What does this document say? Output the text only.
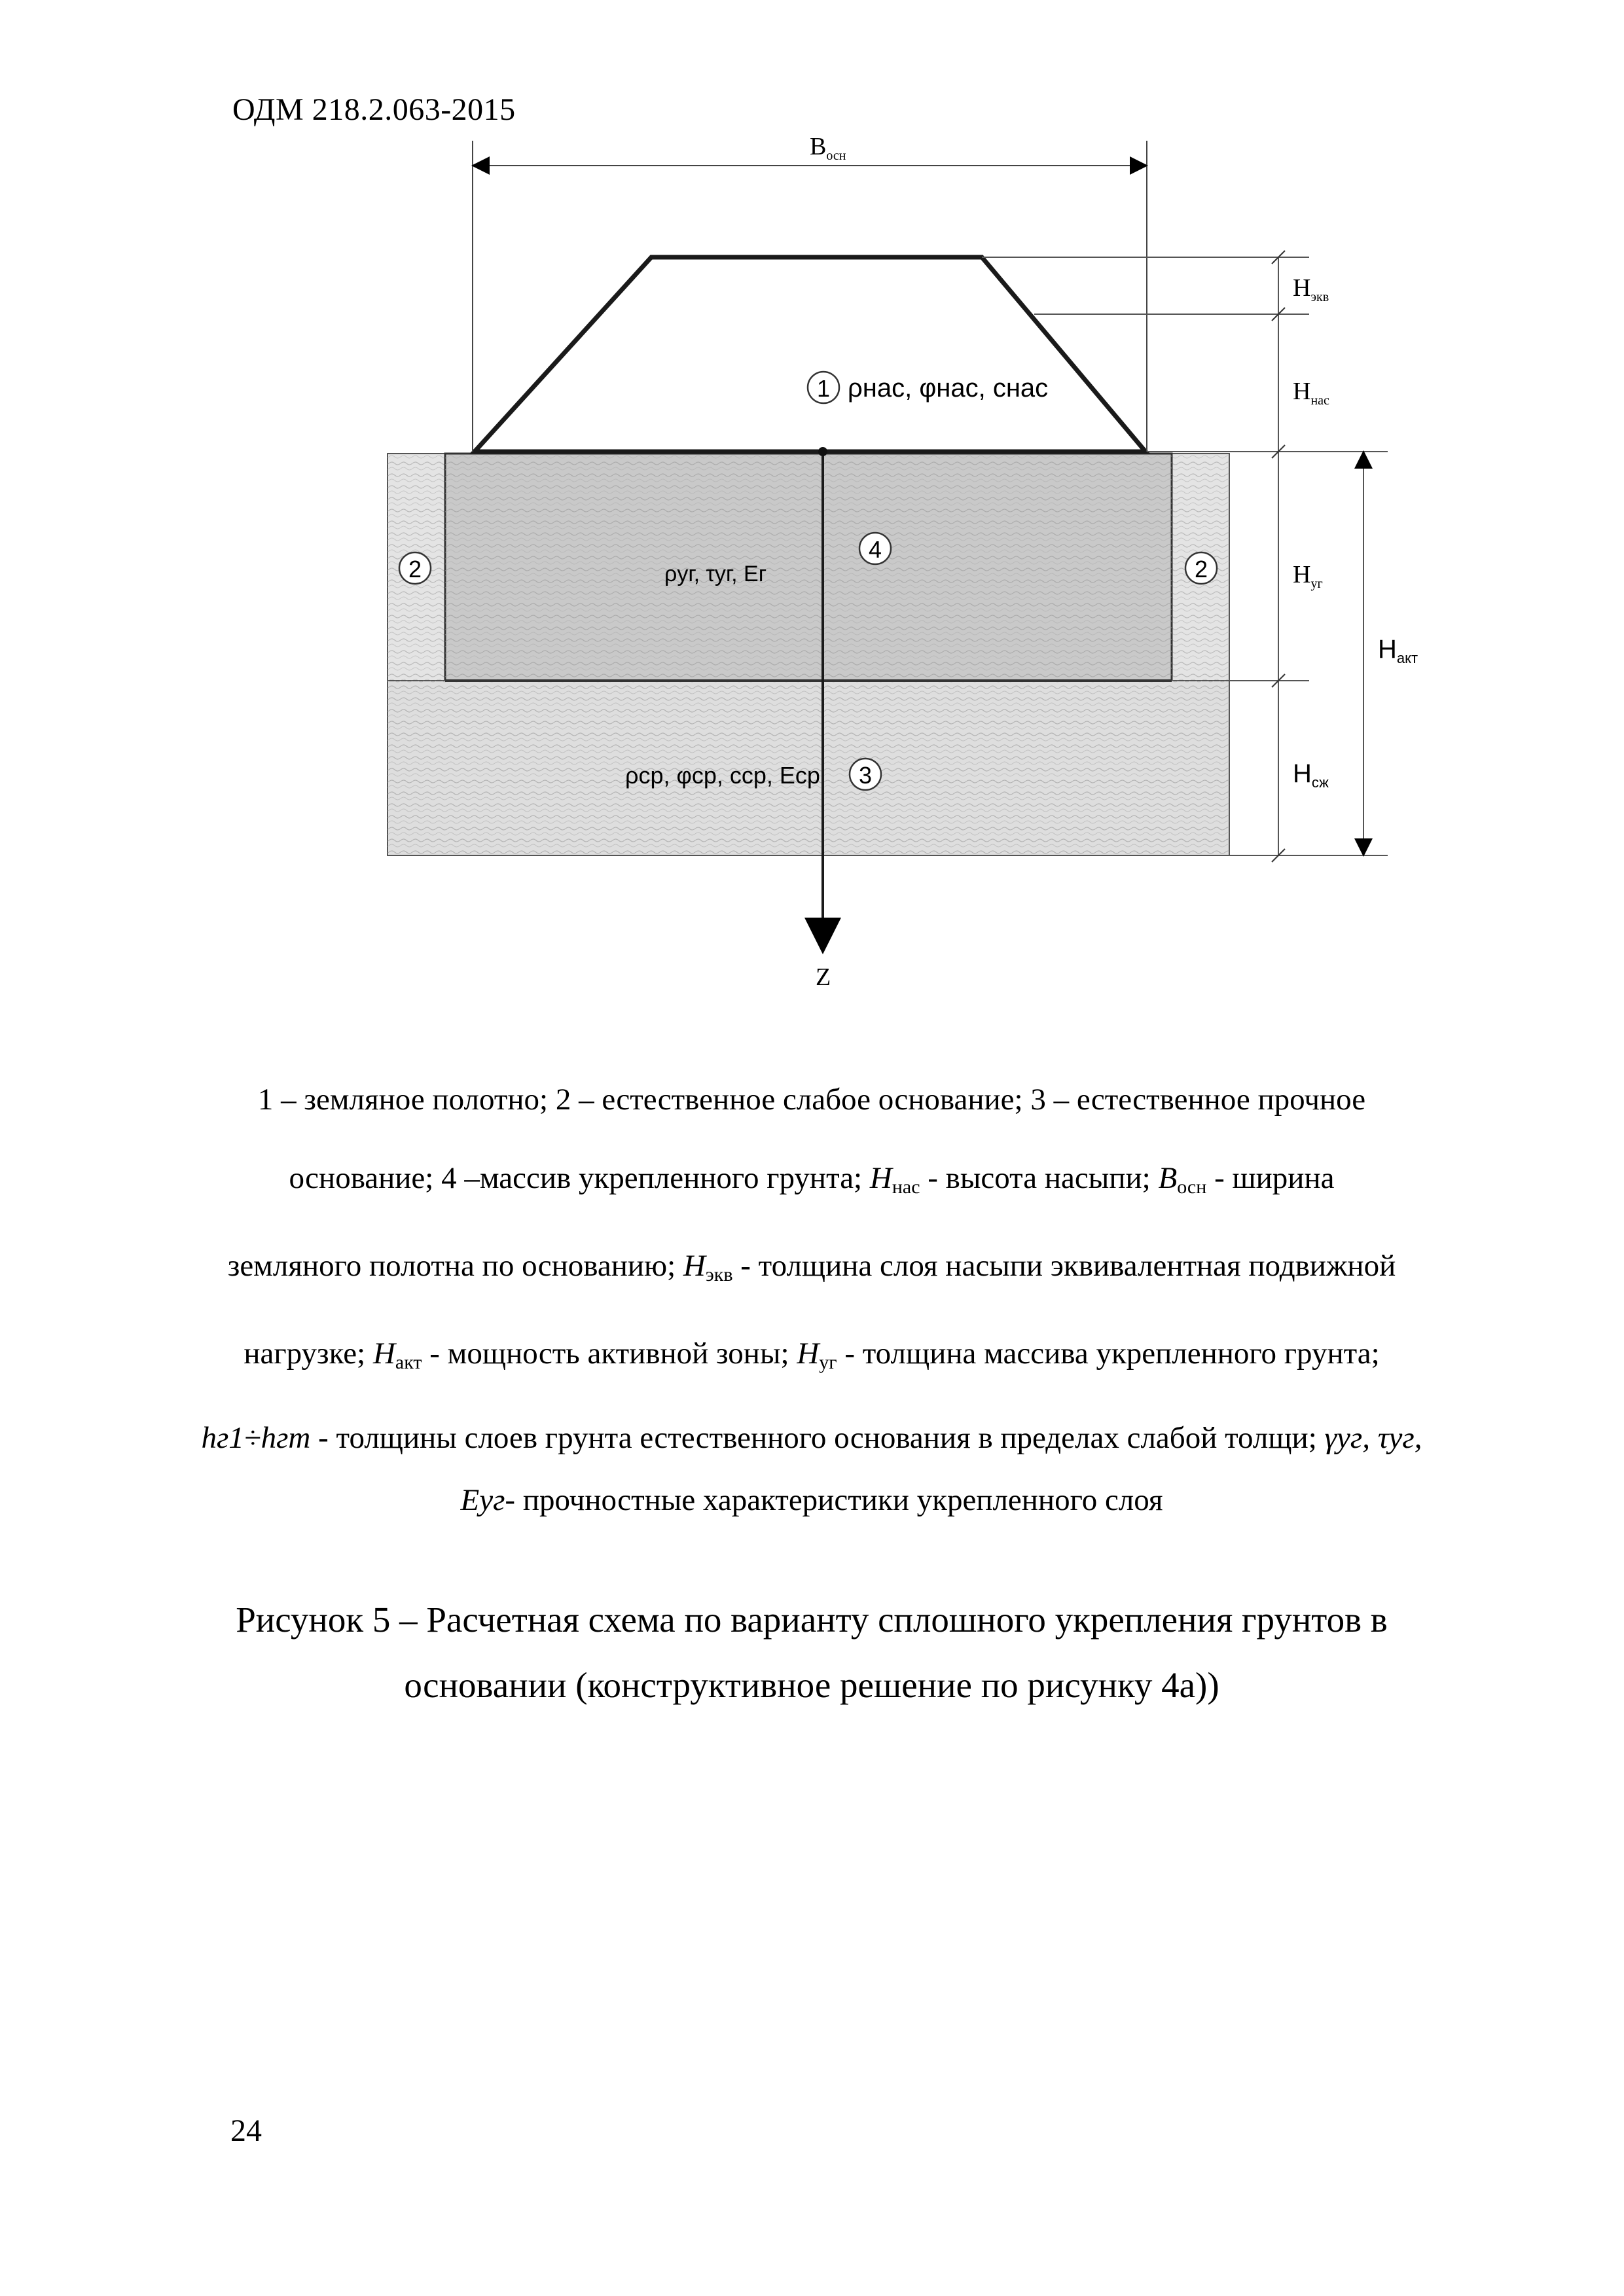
ОДМ 218.2.063-2015
$В_{осн}$
$Н_{экв}$
$Н_{нас}$
$Н_{уг}$
$Н_{акт}$
$Н_{сж}$
Z
1
4
2	2
3
ρнас, φнас, cнас
ρуг, τуг, Eг
ρср, φср, cср, Eср
1 – земляное полотно; 2 – естественное слабое основание; 3 – естественное прочное
основание; 4 –массив укрепленного грунта; $H_{нас}$ - высота насыпи; $B_{осн}$ - ширина
земляного полотна по основанию; $H_{экв}$ - толщина слоя насыпи эквивалентная подвижной
нагрузке; $H_{акт}$ - мощность активной зоны; $H_{уг}$ - толщина массива укрепленного грунта;
hг1÷hгm - толщины слоев грунта естественного основания в пределах слабой толщи; γуг, τуг,
Eуг- прочностные характеристики укрепленного слоя
Рисунок 5 – Расчетная схема по варианту сплошного укрепления грунтов в
основании (конструктивное решение по рисунку 4а))
24
